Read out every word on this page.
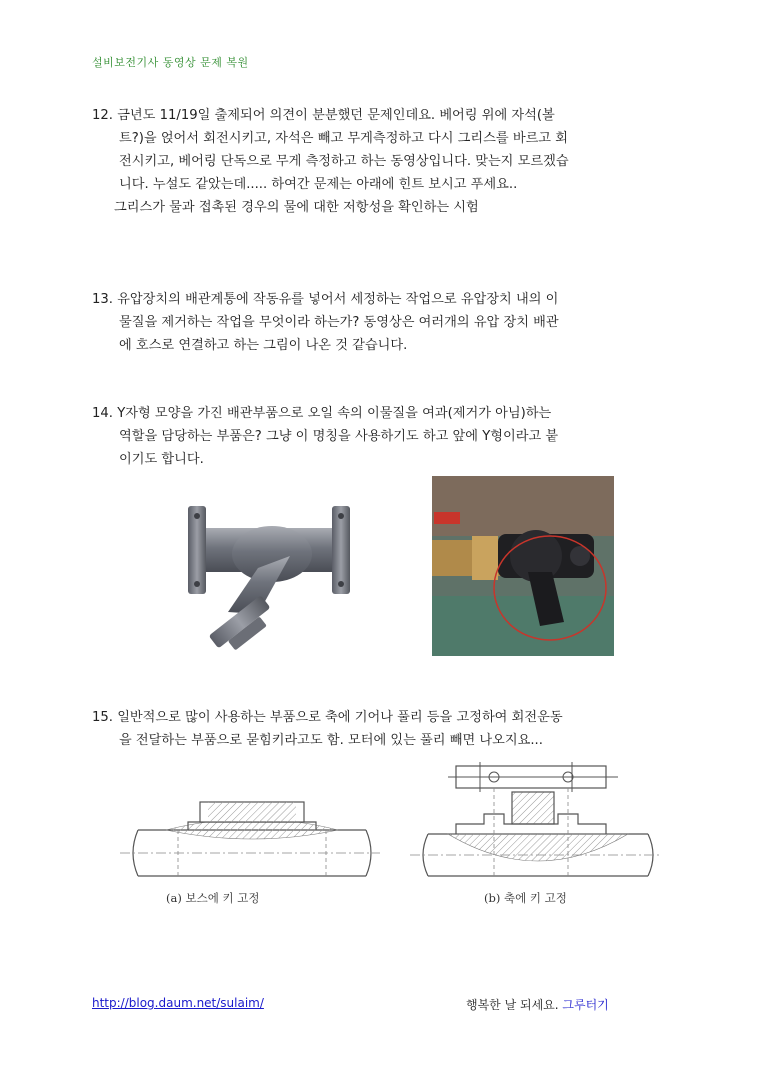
설비보전기사 동영상 문제 복원

12. 금년도 11/19일 출제되어 의견이 분분했던 문제인데요. 베어링 위에 자석(볼

트?)을 얹어서 회전시키고, 자석은 빼고 무게측정하고 다시 그리스를 바르고 회

전시키고, 베어링 단독으로 무게 측정하고 하는 동영상입니다. 맞는지 모르겠습

니다. 누설도 같았는데..... 하여간 문제는 아래에 힌트 보시고 푸세요..

그리스가 물과 접촉된 경우의 물에 대한 저항성을 확인하는 시험

13. 유압장치의 배관계통에 작동유를 넣어서 세정하는 작업으로 유압장치 내의 이

물질을 제거하는 작업을 무엇이라 하는가? 동영상은 여러개의 유압 장치 배관

에 호스로 연결하고 하는 그림이 나온 것 같습니다.

14. Y자형 모양을 가진 배관부품으로 오일 속의 이물질을 여과(제거가 아님)하는

역할을 담당하는 부품은? 그냥 이 명칭을 사용하기도 하고 앞에 Y형이라고 붙

이기도 합니다.

15. 일반적으로 많이 사용하는 부품으로 축에 기어나 풀리 등을 고정하여 회전운동

을 전달하는 부품으로 묻힘키라고도 함. 모터에 있는 풀리 빼면 나오지요...

(a) 보스에 키 고정	(b) 축에 키 고정
http://blog.daum.net/sulaim/	행복한 날 되세요. 그루터기
